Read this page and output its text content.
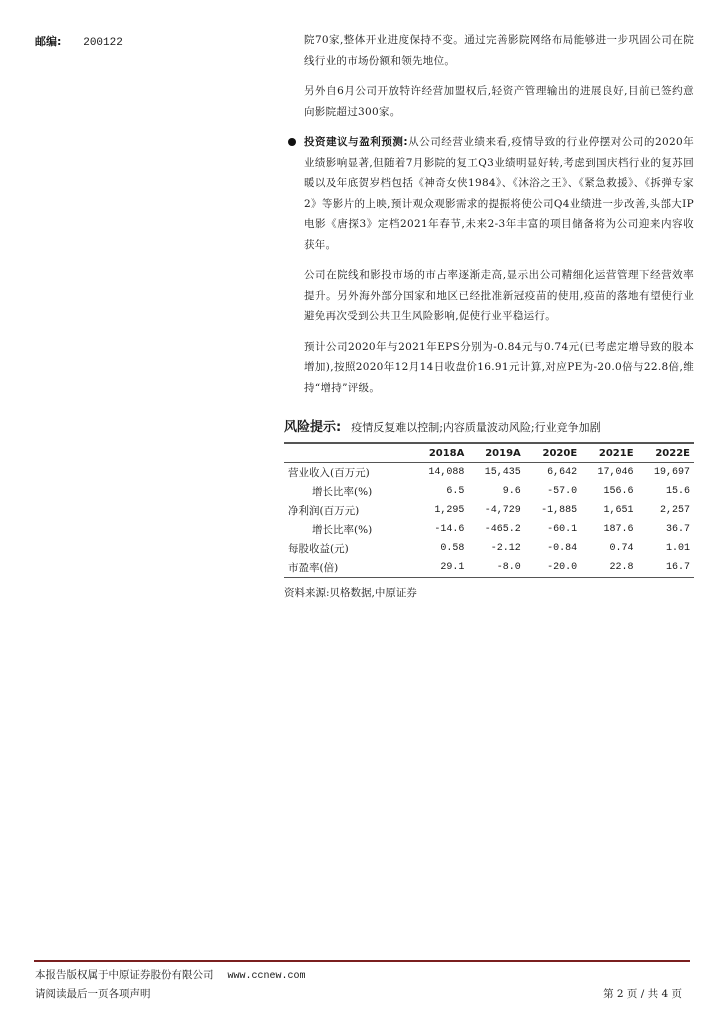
邮编: 200122	院70家,整体开业进度保持不变。通过完善影院网络布局能够进一步巩固公司在院线行业的市场份额和领先地位。

另外自6月公司开放特许经营加盟权后,轻资产管理输出的进展良好,目前已签约意向影院超过300家。

投资建议与盈利预测:从公司经营业绩来看,疫情导致的行业停摆对公司的2020年业绩影响显著,但随着7月影院的复工Q3业绩明显好转,考虑到国庆档行业的复苏回暖以及年底贺岁档包括《神奇女侠1984》、《沐浴之王》、《紧急救援》、《拆弹专家2》等影片的上映,预计观众观影需求的提振将使公司Q4业绩进一步改善,头部大IP电影《唐探3》定档2021年春节,未来2-3年丰富的项目储备将为公司迎来内容收获年。

公司在院线和影投市场的市占率逐渐走高,显示出公司精细化运营管理下经营效率提升。另外海外部分国家和地区已经批准新冠疫苗的使用,疫苗的落地有望使行业避免再次受到公共卫生风险影响,促使行业平稳运行。

预计公司2020年与2021年EPS分别为-0.84元与0.74元(已考虑定增导致的股本增加),按照2020年12月14日收盘价16.91元计算,对应PE为-20.0倍与22.8倍,维持“增持”评级。

风险提示: 疫情反复难以控制;内容质量波动风险;行业竞争加剧
	2018A	2019A	2020E	2021E	2022E
营业收入(百万元)	14,088	15,435	6,642	17,046	19,697
增长比率(%)	6.5	9.6	-57.0	156.6	15.6
净利润(百万元)	1,295	-4,729	-1,885	1,651	2,257
增长比率(%)	-14.6	-465.2	-60.1	187.6	36.7
每股收益(元)	0.58	-2.12	-0.84	0.74	1.01
市盈率(倍)	29.1	-8.0	-20.0	22.8	16.7
资料来源:贝格数据,中原证券
本报告版权属于中原证券股份有限公司 www.ccnew.com
请阅读最后一页各项声明	第 2 页 / 共 4 页
